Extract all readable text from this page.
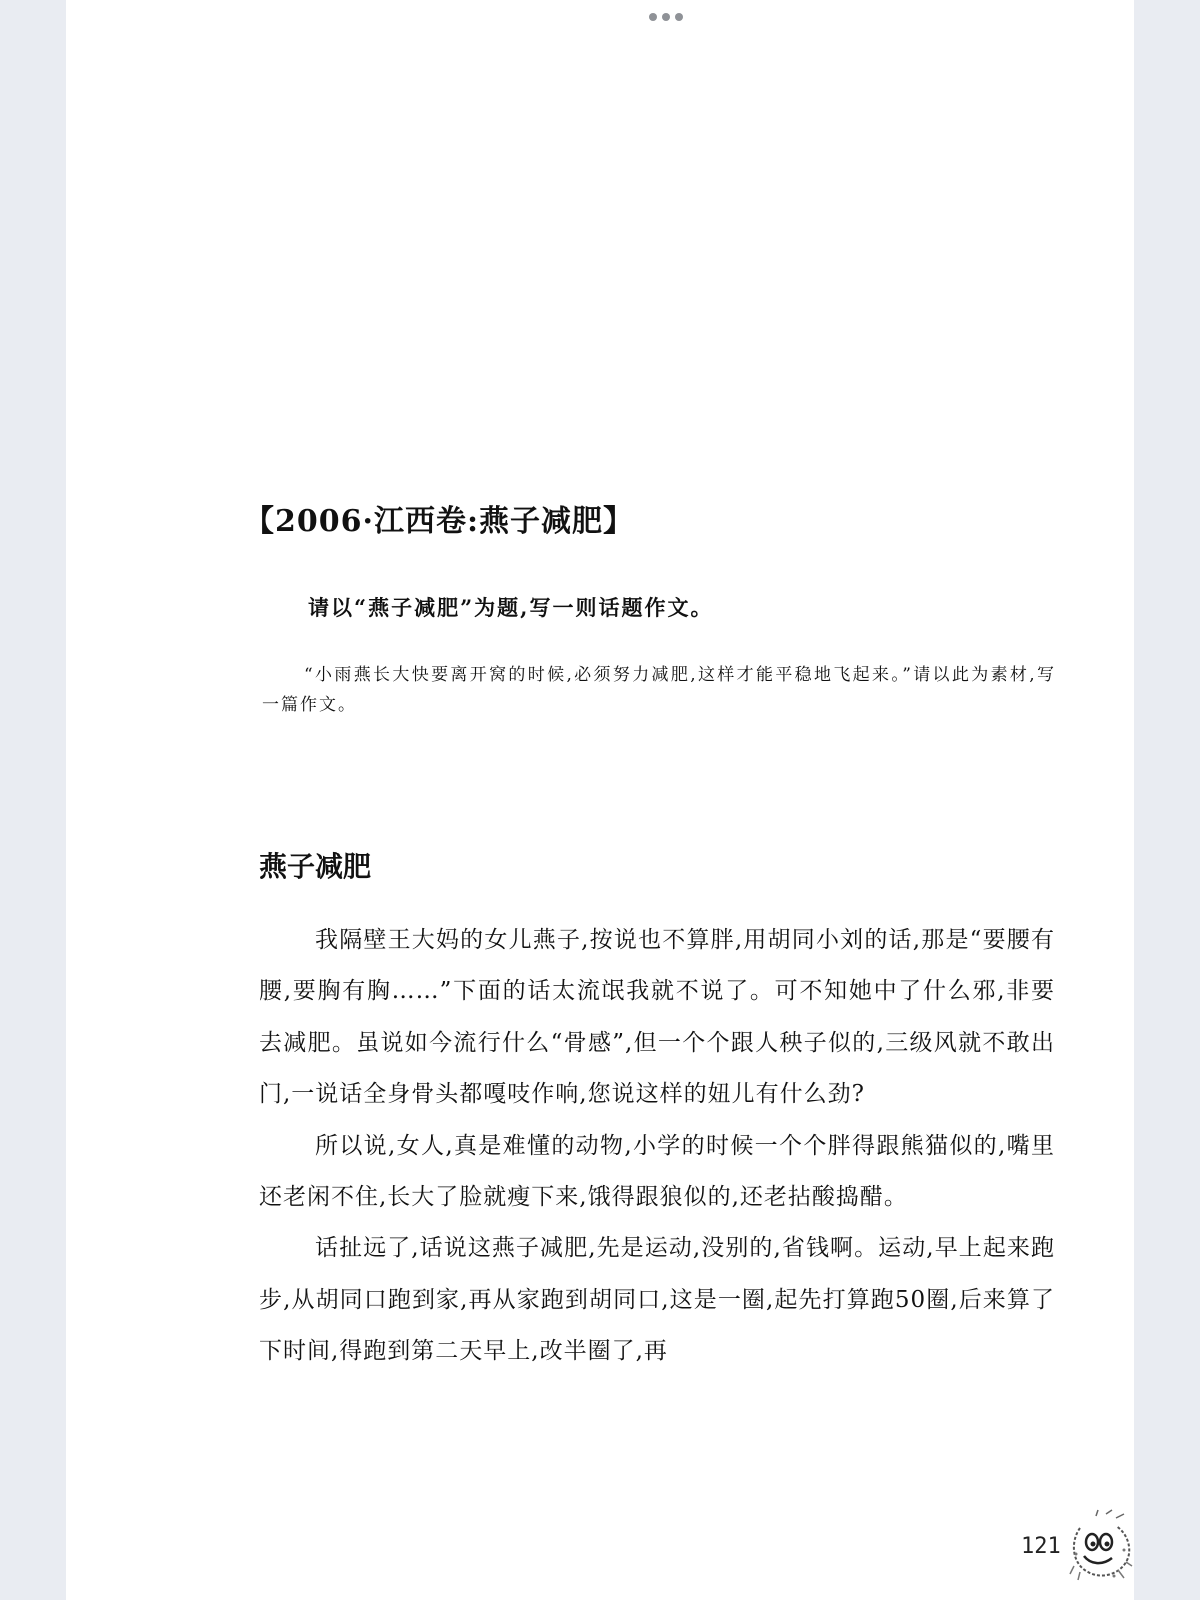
【2006·江西卷:燕子减肥】
请以“燕子减肥”为题,写一则话题作文。
“小雨燕长大快要离开窝的时候,必须努力减肥,这样才能平稳地飞起来。”请以此为素材,写一篇作文。
燕子减肥

我隔壁王大妈的女儿燕子,按说也不算胖,用胡同小刘的话,那是“要腰有腰,要胸有胸……”下面的话太流氓我就不说了。可不知她中了什么邪,非要去减肥。虽说如今流行什么“骨感”,但一个个跟人秧子似的,三级风就不敢出门,一说话全身骨头都嘎吱作响,您说这样的妞儿有什么劲?

所以说,女人,真是难懂的动物,小学的时候一个个胖得跟熊猫似的,嘴里还老闲不住,长大了脸就瘦下来,饿得跟狼似的,还老拈酸捣醋。

话扯远了,话说这燕子减肥,先是运动,没别的,省钱啊。运动,早上起来跑步,从胡同口跑到家,再从家跑到胡同口,这是一圈,起先打算跑50圈,后来算了下时间,得跑到第二天早上,改半圈了,再

121
